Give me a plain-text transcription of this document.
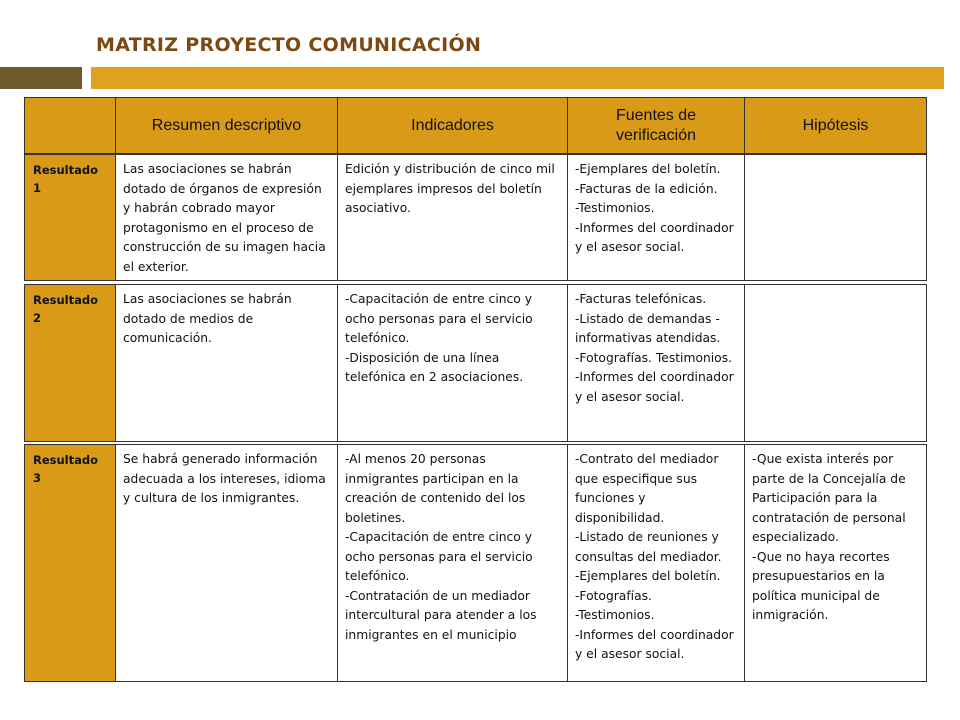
MATRIZ PROYECTO COMUNICACIÓN
Resumen descriptivo	Indicadores
Fuentes de verificación
Hipótesis
Resultado 1
Las asociaciones se habrán dotado de órganos de expresión y habrán cobrado mayor protagonismo en el proceso de construcción de su imagen hacia el exterior.
Edición y distribución de cinco mil ejemplares impresos del boletín asociativo.
-Ejemplares del boletín.
-Facturas de la edición.
-Testimonios.
-Informes del coordinador y el asesor social.
Resultado 2
Las asociaciones se habrán dotado de medios de comunicación.
-Capacitación de entre cinco y ocho personas para el servicio telefónico.
-Disposición de una línea telefónica en 2 asociaciones.
-Facturas telefónicas.
-Listado de demandas - informativas atendidas.
-Fotografías. Testimonios.
-Informes del coordinador y el asesor social.
Resultado 3
Se habrá generado información adecuada a los intereses, idioma y cultura de los inmigrantes.
-Al menos 20 personas inmigrantes participan en la creación de contenido del los boletines.
-Capacitación de entre cinco y ocho personas para el servicio telefónico.
-Contratación de un mediador intercultural para atender a los inmigrantes en el municipio
-Contrato del mediador que especifique sus funciones y disponibilidad.
-Listado de reuniones y consultas del mediador.
-Ejemplares del boletín.
-Fotografías.
-Testimonios.
-Informes del coordinador y el asesor social.
-Que exista interés por parte de la Concejalía de Participación para la contratación de personal especializado.
-Que no haya recortes presupuestarios en la política municipal de inmigración.
